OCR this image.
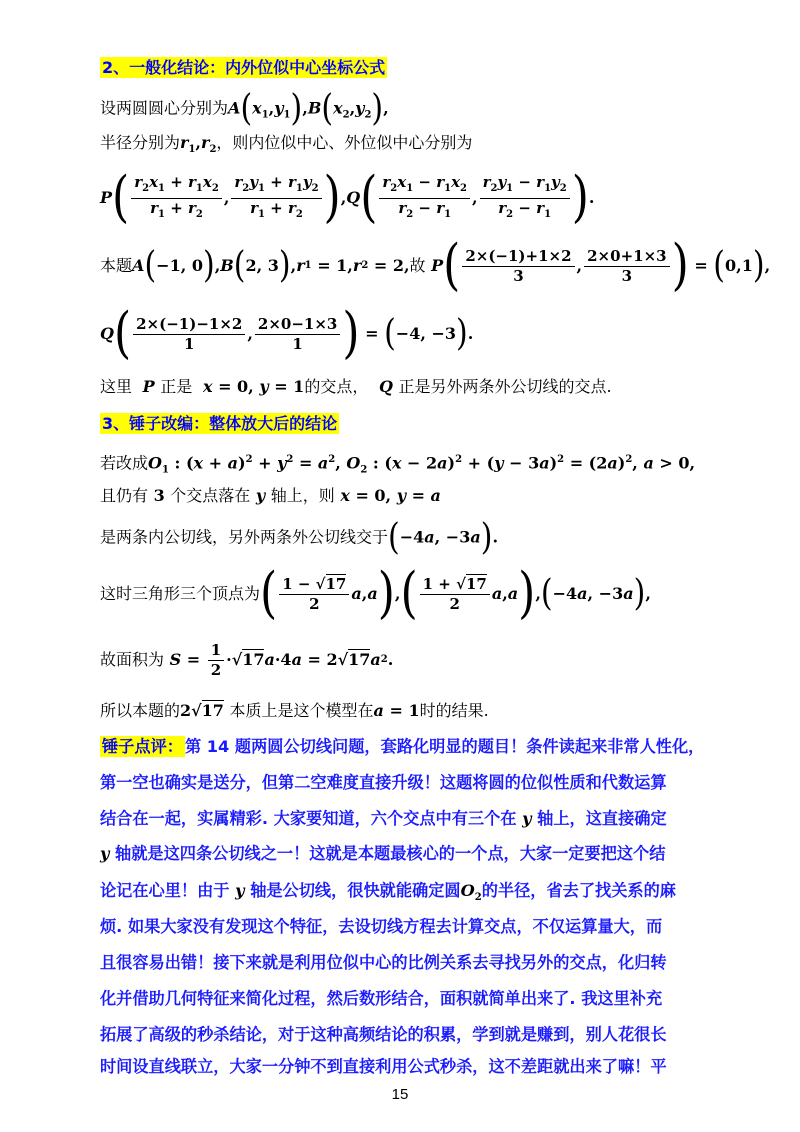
2、一般化结论：内外位似中心坐标公式
设两圆圆心分别为$A(x_1,y_1),B(x_2,y_2)$,
半径分别为$r_1,r_2$，则内位似中心、外位似中心分别为
P ( $\frac{r_2x_1 + r_1x_2}{r_1 + r_2}$ , $\frac{r_2y_1 + r_1y_2}{r_1 + r_2}$ ) , Q ( $\frac{r_2x_1 - r_1x_2}{r_2 - r_1}$ , $\frac{r_2y_1 - r_1y_2}{r_2 - r_1}$ ) .
本题 A ( −1, 0 ) , B ( 2, 3 ) , r 1 = 1, r 2 = 2, 故 P ( $\frac{2\times(-1)+1\times 2}{3}$ , $\frac{2\times 0+1\times 3}{3}$ ) = ( 0,1 ) ,
Q ( $\frac{2\times(-1)-1\times 2}{1}$ , $\frac{2\times 0-1\times 3}{1}$ ) = ( −4, −3 ) .
这里  P 正是  x = 0, y = 1的交点，  Q 正是另外两条外公切线的交点.
3、锤子改编：整体放大后的结论
若改成$O_1$ : $(x + a)^2 + y^2 = a^2$, $O_2$ : $(x - 2a)^2 + (y - 3a)^2 = (2a)^2$, a > 0,
且仍有 3 个交点落在 y 轴上，则 x = 0, y = a
是两条内公切线，另外两条外公切线交于(−4a, −3a).
这时三角形三个顶点为 ( $\frac{1 - √17}{2}$ a , a ) , ( $\frac{1 + √17}{2}$ a , a ) , ( −4 a , −3 a ) ,
故面积为 $S = \frac{1}{2} \cdot√17$ a ·4 a = 2√17 a 2 .
所以本题的2√17 本质上是这个模型在a = 1时的结果.
锤子点评： 第 14 题两圆公切线问题，套路化明显的题目！条件读起来非常人性化，
第一空也确实是送分，但第二空难度直接升级！这题将圆的位似性质和代数运算
结合在一起，实属精彩. 大家要知道，六个交点中有三个在 y 轴上，这直接确定
y 轴就是这四条公切线之一！这就是本题最核心的一个点，大家一定要把这个结
论记在心里！由于 y 轴是公切线，很快就能确定圆$O_2$的半径，省去了找关系的麻
烦. 如果大家没有发现这个特征，去设切线方程去计算交点，不仅运算量大，而
且很容易出错！接下来就是利用位似中心的比例关系去寻找另外的交点，化归转
化并借助几何特征来简化过程，然后数形结合，面积就简单出来了. 我这里补充
拓展了高级的秒杀结论，对于这种高频结论的积累，学到就是赚到，别人花很长
时间设直线联立，大家一分钟不到直接利用公式秒杀，这不差距就出来了嘛！平
15
